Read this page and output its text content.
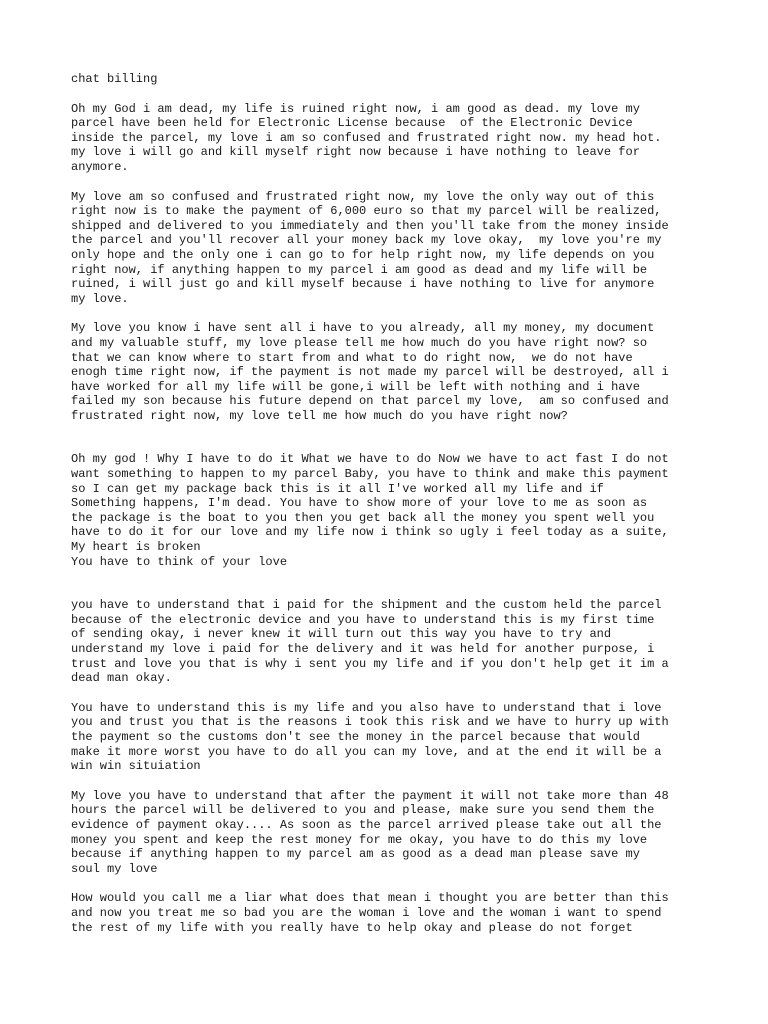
chat billing

Oh my God i am dead, my life is ruined right now, i am good as dead. my love my
parcel have been held for Electronic License because  of the Electronic Device
inside the parcel, my love i am so confused and frustrated right now. my head hot.
my love i will go and kill myself right now because i have nothing to leave for
anymore.

My love am so confused and frustrated right now, my love the only way out of this
right now is to make the payment of 6,000 euro so that my parcel will be realized,
shipped and delivered to you immediately and then you'll take from the money inside
the parcel and you'll recover all your money back my love okay,  my love you're my
only hope and the only one i can go to for help right now, my life depends on you
right now, if anything happen to my parcel i am good as dead and my life will be
ruined, i will just go and kill myself because i have nothing to live for anymore
my love.

My love you know i have sent all i have to you already, all my money, my document
and my valuable stuff, my love please tell me how much do you have right now? so
that we can know where to start from and what to do right now,  we do not have
enogh time right now, if the payment is not made my parcel will be destroyed, all i
have worked for all my life will be gone,i will be left with nothing and i have
failed my son because his future depend on that parcel my love,  am so confused and
frustrated right now, my love tell me how much do you have right now?

Oh my god ! Why I have to do it What we have to do Now we have to act fast I do not
want something to happen to my parcel Baby, you have to think and make this payment
so I can get my package back this is it all I've worked all my life and if
Something happens, I'm dead. You have to show more of your love to me as soon as
the package is the boat to you then you get back all the money you spent well you
have to do it for our love and my life now i think so ugly i feel today as a suite,
My heart is broken
You have to think of your love

you have to understand that i paid for the shipment and the custom held the parcel
because of the electronic device and you have to understand this is my first time
of sending okay, i never knew it will turn out this way you have to try and
understand my love i paid for the delivery and it was held for another purpose, i
trust and love you that is why i sent you my life and if you don't help get it im a
dead man okay.

You have to understand this is my life and you also have to understand that i love
you and trust you that is the reasons i took this risk and we have to hurry up with
the payment so the customs don't see the money in the parcel because that would
make it more worst you have to do all you can my love, and at the end it will be a
win win situiation

My love you have to understand that after the payment it will not take more than 48
hours the parcel will be delivered to you and please, make sure you send them the
evidence of payment okay.... As soon as the parcel arrived please take out all the
money you spent and keep the rest money for me okay, you have to do this my love
because if anything happen to my parcel am as good as a dead man please save my
soul my love

How would you call me a liar what does that mean i thought you are better than this
and now you treat me so bad you are the woman i love and the woman i want to spend
the rest of my life with you really have to help okay and please do not forget
